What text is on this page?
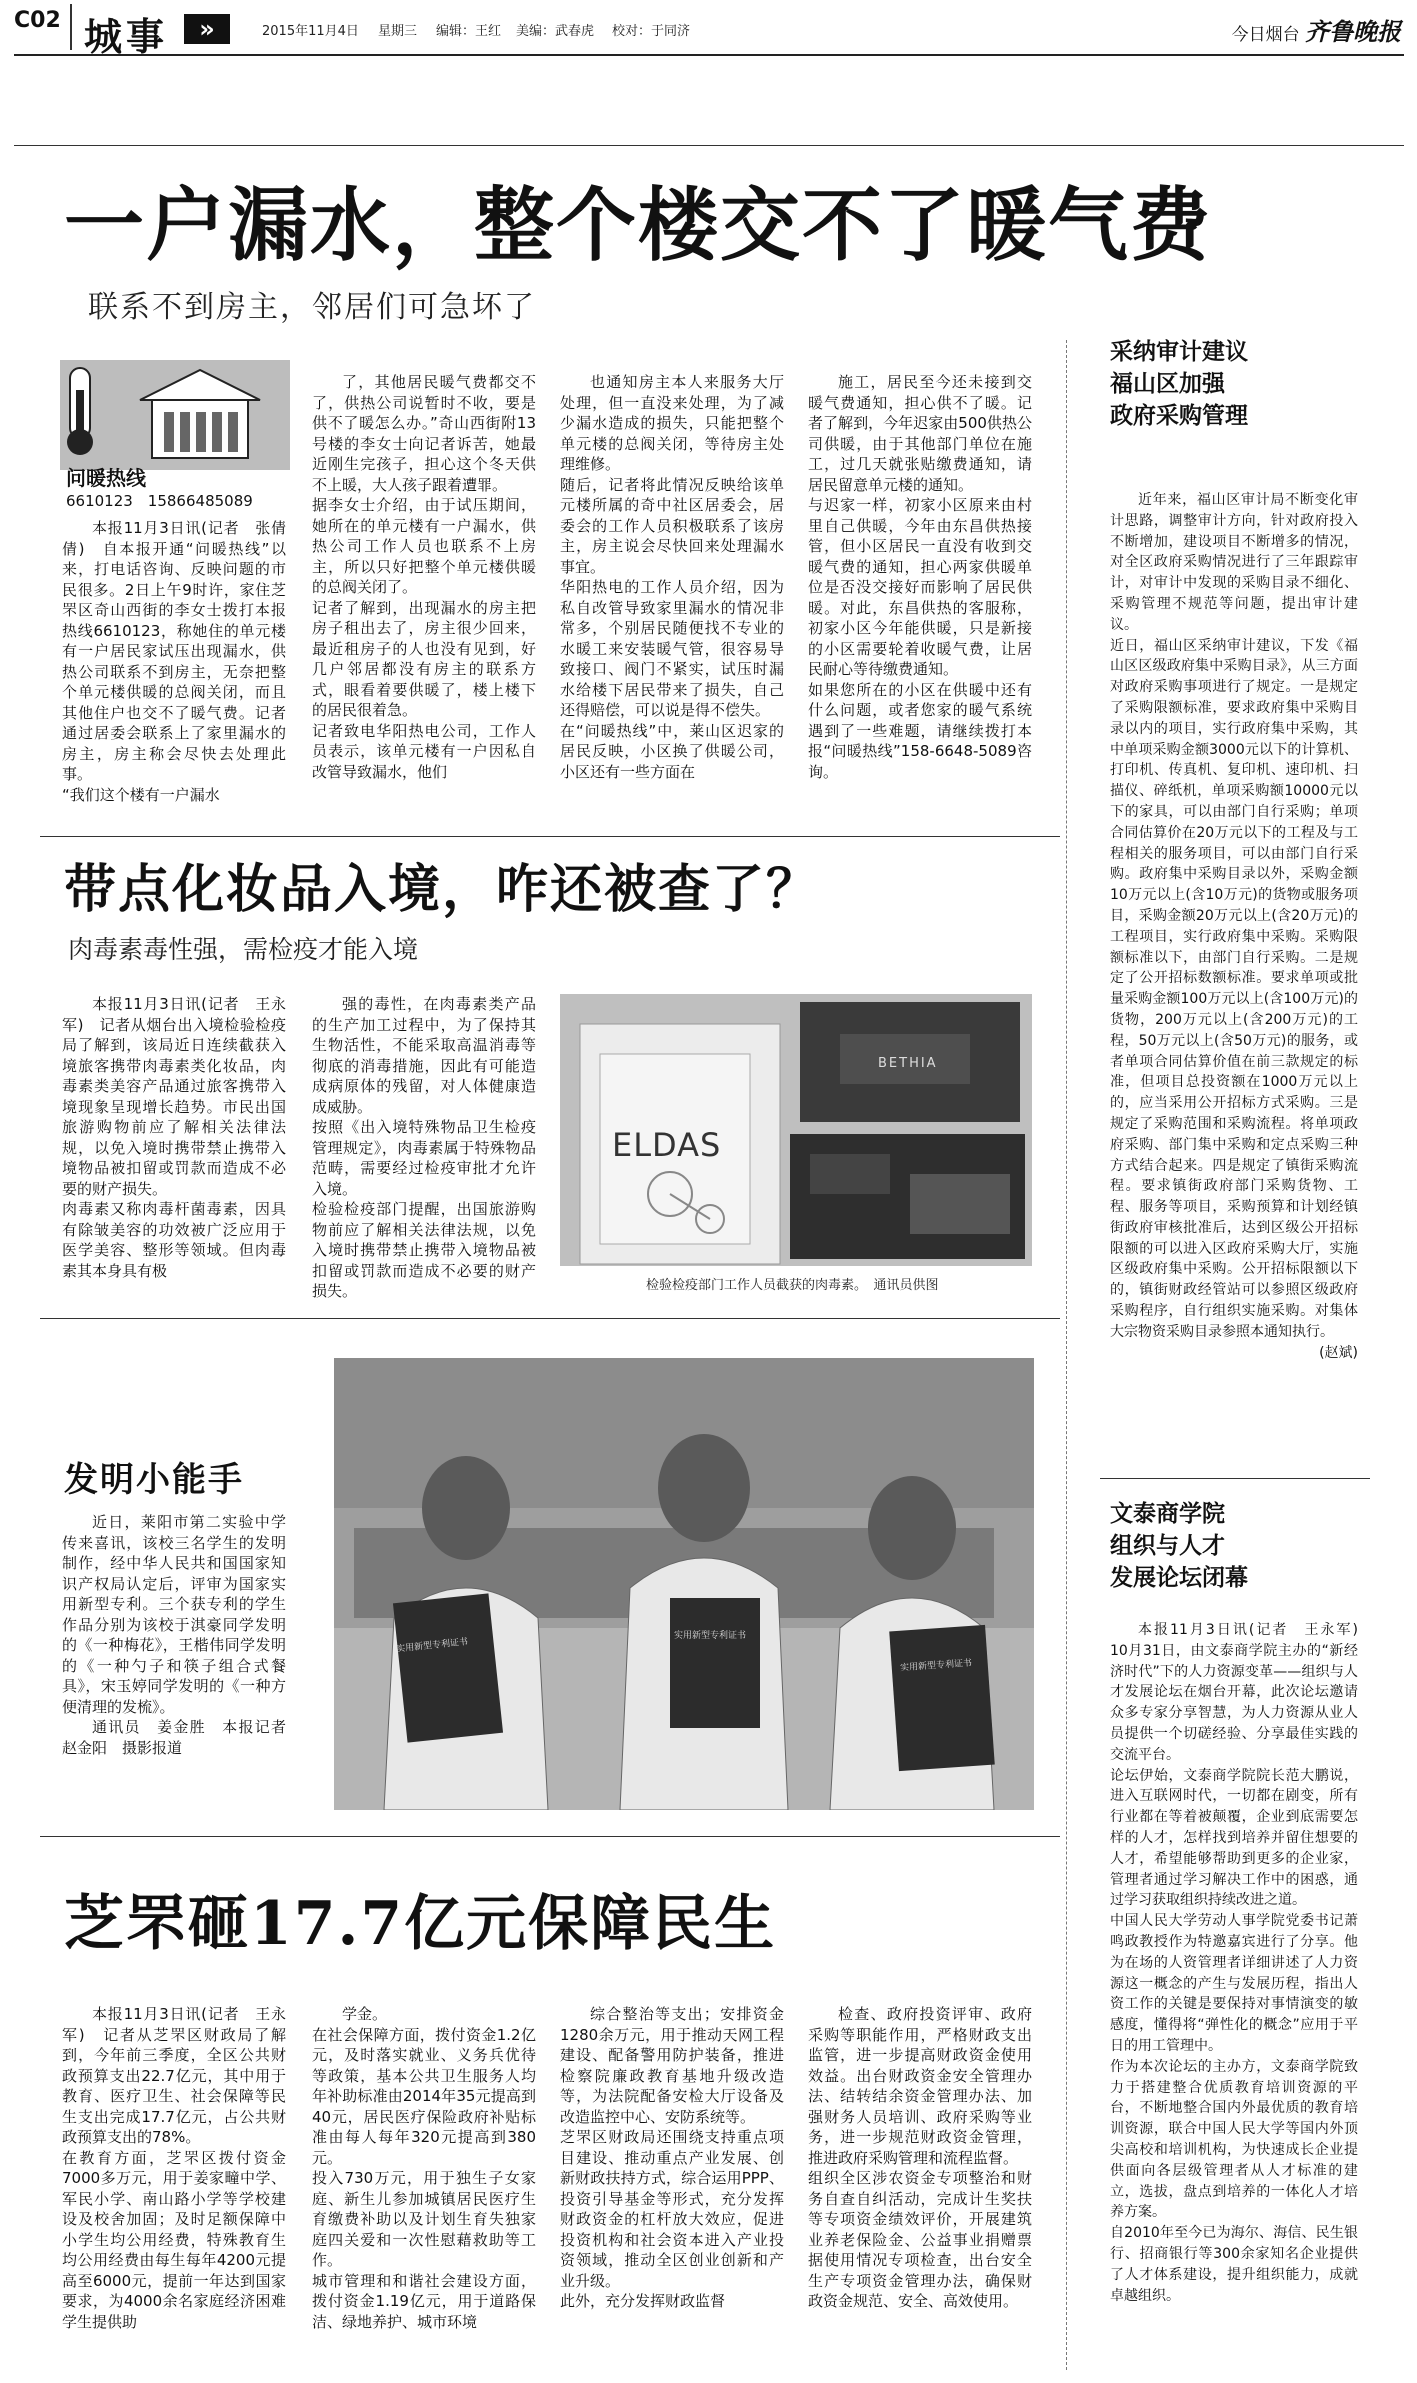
C02 城事	»	2015年11月4日 星期三 编辑：王红 美编：武春虎 校对：于同济	今日烟台 齐鲁晚报
一户漏水，整个楼交不了暖气费
联系不到房主，邻居们可急坏了
问暖热线
6610123　15866485089

本报11月3日讯(记者　张倩倩)　自本报开通“问暖热线”以来，打电话咨询、反映问题的市民很多。2日上午9时许，家住芝罘区奇山西街的李女士拨打本报热线6610123，称她住的单元楼有一户居民家试压出现漏水，供热公司联系不到房主，无奈把整个单元楼供暖的总阀关闭，而且其他住户也交不了暖气费。记者通过居委会联系上了家里漏水的房主，房主称会尽快去处理此事。
“我们这个楼有一户漏水

了，其他居民暖气费都交不了，供热公司说暂时不收，要是供不了暖怎么办。”奇山西街附13号楼的李女士向记者诉苦，她最近刚生完孩子，担心这个冬天供不上暖，大人孩子跟着遭罪。
据李女士介绍，由于试压期间，她所在的单元楼有一户漏水，供热公司工作人员也联系不上房主，所以只好把整个单元楼供暖的总阀关闭了。
记者了解到，出现漏水的房主把房子租出去了，房主很少回来，最近租房子的人也没有见到，好几户邻居都没有房主的联系方式，眼看着要供暖了，楼上楼下的居民很着急。
记者致电华阳热电公司，工作人员表示，该单元楼有一户因私自改管导致漏水，他们

也通知房主本人来服务大厅处理，但一直没来处理，为了减少漏水造成的损失，只能把整个单元楼的总阀关闭，等待房主处理维修。
随后，记者将此情况反映给该单元楼所属的奇中社区居委会，居委会的工作人员积极联系了该房主，房主说会尽快回来处理漏水事宜。
华阳热电的工作人员介绍，因为私自改管导致家里漏水的情况非常多，个别居民随便找不专业的水暖工来安装暖气管，很容易导致接口、阀门不紧实，试压时漏水给楼下居民带来了损失，自己还得赔偿，可以说是得不偿失。
在“问暖热线”中，莱山区迟家的居民反映，小区换了供暖公司，小区还有一些方面在

施工，居民至今还未接到交暖气费通知，担心供不了暖。记者了解到，今年迟家由500供热公司供暖，由于其他部门单位在施工，过几天就张贴缴费通知，请居民留意单元楼的通知。
与迟家一样，初家小区原来由村里自己供暖，今年由东昌供热接管，但小区居民一直没有收到交暖气费的通知，担心两家供暖单位是否没交接好而影响了居民供暖。对此，东昌供热的客服称，初家小区今年能供暖，只是新接的小区需要轮着收暖气费，让居民耐心等待缴费通知。
如果您所在的小区在供暖中还有什么问题，或者您家的暖气系统遇到了一些难题，请继续拨打本报“问暖热线”158-6648-5089咨询。

带点化妆品入境，咋还被查了？
肉毒素毒性强，需检疫才能入境

本报11月3日讯(记者　王永军)　记者从烟台出入境检验检疫局了解到，该局近日连续截获入境旅客携带肉毒素类化妆品，肉毒素类美容产品通过旅客携带入境现象呈现增长趋势。市民出国旅游购物前应了解相关法律法规，以免入境时携带禁止携带入境物品被扣留或罚款而造成不必要的财产损失。
肉毒素又称肉毒杆菌毒素，因具有除皱美容的功效被广泛应用于医学美容、整形等领域。但肉毒素其本身具有极

强的毒性，在肉毒素类产品的生产加工过程中，为了保持其生物活性，不能采取高温消毒等彻底的消毒措施，因此有可能造成病原体的残留，对人体健康造成威胁。
按照《出入境特殊物品卫生检疫管理规定》，肉毒素属于特殊物品范畴，需要经过检疫审批才允许入境。
检验检疫部门提醒，出国旅游购物前应了解相关法律法规，以免入境时携带禁止携带入境物品被扣留或罚款而造成不必要的财产损失。

ELDAS
BETHIA
检验检疫部门工作人员截获的肉毒素。　通讯员供图
发明小能手

近日，莱阳市第二实验中学传来喜讯，该校三名学生的发明制作，经中华人民共和国国家知识产权局认定后，评审为国家实用新型专利。三个获专利的学生作品分别为该校于淇豪同学发明的《一种梅花》，王楷伟同学发明的《一种勺子和筷子组合式餐具》，宋玉婷同学发明的《一种方便清理的发梳》。

通讯员　姜金胜　本报记者　赵金阳　摄影报道

实用新型专利证书
实用新型专利证书
实用新型专利证书
芝罘砸17.7亿元保障民生

本报11月3日讯(记者　王永军)　记者从芝罘区财政局了解到，今年前三季度，全区公共财政预算支出22.7亿元，其中用于教育、医疗卫生、社会保障等民生支出完成17.7亿元，占公共财政预算支出的78%。
在教育方面，芝罘区拨付资金7000多万元，用于姜家疃中学、军民小学、南山路小学等学校建设及校舍加固；及时足额保障中小学生均公用经费，特殊教育生均公用经费由每生每年4200元提高至6000元，提前一年达到国家要求，为4000余名家庭经济困难学生提供助

学金。
在社会保障方面，拨付资金1.2亿元，及时落实就业、义务兵优待等政策，基本公共卫生服务人均年补助标准由2014年35元提高到40元，居民医疗保险政府补贴标准由每人每年320元提高到380元。
投入730万元，用于独生子女家庭、新生儿参加城镇居民医疗生育缴费补助以及计划生育失独家庭四关爱和一次性慰藉救助等工作。
城市管理和和谐社会建设方面，拨付资金1.19亿元，用于道路保洁、绿地养护、城市环境

综合整治等支出；安排资金1280余万元，用于推动天网工程建设、配备警用防护装备，推进检察院廉政教育基地升级改造等，为法院配备安检大厅设备及改造监控中心、安防系统等。
芝罘区财政局还围绕支持重点项目建设、推动重点产业发展、创新财政扶持方式，综合运用PPP、投资引导基金等形式，充分发挥财政资金的杠杆放大效应，促进投资机构和社会资本进入产业投资领域，推动全区创业创新和产业升级。
此外，充分发挥财政监督

检查、政府投资评审、政府采购等职能作用，严格财政支出监管，进一步提高财政资金使用效益。出台财政资金安全管理办法、结转结余资金管理办法、加强财务人员培训、政府采购等业务，进一步规范财政资金管理，推进政府采购管理和流程监督。
组织全区涉农资金专项整治和财务自查自纠活动，完成计生奖扶等专项资金绩效评价，开展建筑业养老保险金、公益事业捐赠票据使用情况专项检查，出台安全生产专项资金管理办法，确保财政资金规范、安全、高效使用。

采纳审计建议
福山区加强
政府采购管理

近年来，福山区审计局不断变化审计思路，调整审计方向，针对政府投入不断增加，建设项目不断增多的情况，对全区政府采购情况进行了三年跟踪审计，对审计中发现的采购目录不细化、采购管理不规范等问题，提出审计建议。
近日，福山区采纳审计建议，下发《福山区区级政府集中采购目录》，从三方面对政府采购事项进行了规定。一是规定了采购限额标准，要求政府集中采购目录以内的项目，实行政府集中采购，其中单项采购金额3000元以下的计算机、打印机、传真机、复印机、速印机、扫描仪、碎纸机，单项采购额10000元以下的家具，可以由部门自行采购；单项合同估算价在20万元以下的工程及与工程相关的服务项目，可以由部门自行采购。政府集中采购目录以外，采购金额10万元以上(含10万元)的货物或服务项目，采购金额20万元以上(含20万元)的工程项目，实行政府集中采购。采购限额标准以下，由部门自行采购。二是规定了公开招标数额标准。要求单项或批量采购金额100万元以上(含100万元)的货物，200万元以上(含200万元)的工程，50万元以上(含50万元)的服务，或者单项合同估算价值在前三款规定的标准，但项目总投资额在1000万元以上的，应当采用公开招标方式采购。三是规定了采购范围和采购流程。将单项政府采购、部门集中采购和定点采购三种方式结合起来。四是规定了镇街采购流程。要求镇街政府部门采购货物、工程、服务等项目，采购预算和计划经镇街政府审核批准后，达到区级公开招标限额的可以进入区政府采购大厅，实施区级政府集中采购。公开招标限额以下的，镇街财政经管站可以参照区级政府采购程序，自行组织实施采购。对集体大宗物资采购目录参照本通知执行。

(赵斌)
文泰商学院
组织与人才
发展论坛闭幕

本报11月3日讯(记者　王永军)　10月31日，由文泰商学院主办的“新经济时代”下的人力资源变革——组织与人才发展论坛在烟台开幕，此次论坛邀请众多专家分享智慧，为人力资源从业人员提供一个切磋经验、分享最佳实践的交流平台。
论坛伊始，文泰商学院院长范大鹏说，进入互联网时代，一切都在剧变，所有行业都在等着被颠覆，企业到底需要怎样的人才，怎样找到培养并留住想要的人才，希望能够帮助到更多的企业家，管理者通过学习解决工作中的困惑，通过学习获取组织持续改进之道。
中国人民大学劳动人事学院党委书记萧鸣政教授作为特邀嘉宾进行了分享。他为在场的人资管理者详细讲述了人力资源这一概念的产生与发展历程，指出人资工作的关键是要保持对事情演变的敏感度，懂得将“弹性化的概念”应用于平日的用工管理中。
作为本次论坛的主办方，文泰商学院致力于搭建整合优质教育培训资源的平台，不断地整合国内外最优质的教育培训资源，联合中国人民大学等国内外顶尖高校和培训机构，为快速成长企业提供面向各层级管理者从人才标准的建立，选拔，盘点到培养的一体化人才培养方案。
自2010年至今已为海尔、海信、民生银行、招商银行等300余家知名企业提供了人才体系建设，提升组织能力，成就卓越组织。
